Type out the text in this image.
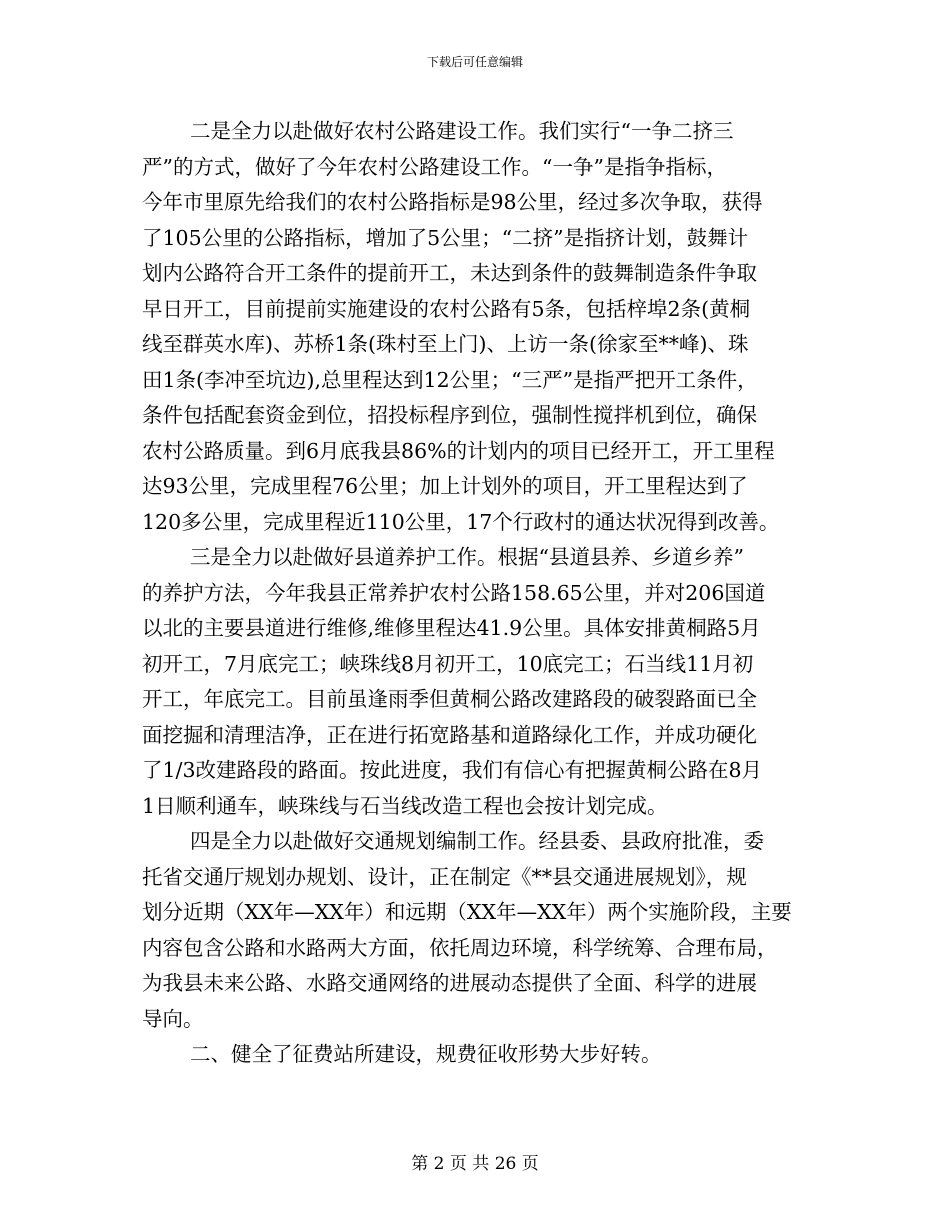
下载后可任意编辑
二是全力以赴做好农村公路建设工作。我们实行“一争二挤三
严”的方式，做好了今年农村公路建设工作。“一争”是指争指标，
今年市里原先给我们的农村公路指标是98公里，经过多次争取，获得
了105公里的公路指标，增加了5公里；“二挤”是指挤计划，鼓舞计
划内公路符合开工条件的提前开工，未达到条件的鼓舞制造条件争取
早日开工，目前提前实施建设的农村公路有5条，包括梓埠2条(黄桐
线至群英水库)、苏桥1条(珠村至上门)、上访一条(徐家至**峰)、珠
田1条(李冲至坑边),总里程达到12公里；“三严”是指严把开工条件，
条件包括配套资金到位，招投标程序到位，强制性搅拌机到位，确保
农村公路质量。到6月底我县86%的计划内的项目已经开工，开工里程
达93公里，完成里程76公里；加上计划外的项目，开工里程达到了
120多公里，完成里程近110公里，17个行政村的通达状况得到改善。
三是全力以赴做好县道养护工作。根据“县道县养、乡道乡养”
的养护方法，今年我县正常养护农村公路158.65公里，并对206国道
以北的主要县道进行维修,维修里程达41.9公里。具体安排黄桐路5月
初开工，7月底完工；峡珠线8月初开工，10底完工；石当线11月初
开工，年底完工。目前虽逢雨季但黄桐公路改建路段的破裂路面已全
面挖掘和清理洁净，正在进行拓宽路基和道路绿化工作，并成功硬化
了1/3改建路段的路面。按此进度，我们有信心有把握黄桐公路在8月
1日顺利通车，峡珠线与石当线改造工程也会按计划完成。
四是全力以赴做好交通规划编制工作。经县委、县政府批准，委
托省交通厅规划办规划、设计，正在制定《**县交通进展规划》，规
划分近期（XX年—XX年）和远期（XX年—XX年）两个实施阶段，主要
内容包含公路和水路两大方面，依托周边环境，科学统筹、合理布局，
为我县未来公路、水路交通网络的进展动态提供了全面、科学的进展
导向。
二、健全了征费站所建设，规费征收形势大步好转。
第 2 页 共 26 页
